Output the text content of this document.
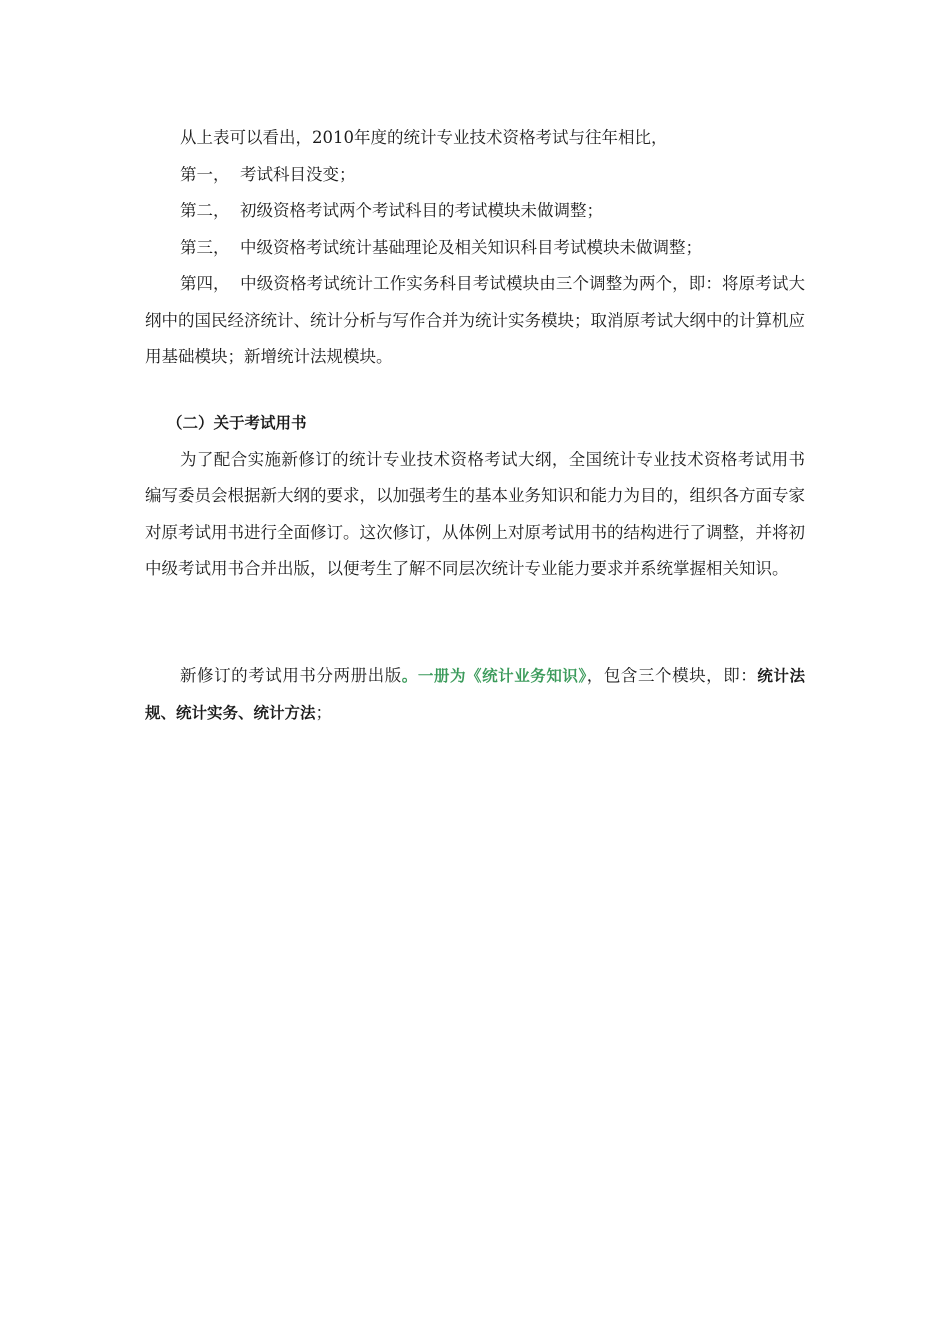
从上表可以看出，2010年度的统计专业技术资格考试与往年相比，

第一， 考试科目没变；

第二， 初级资格考试两个考试科目的考试模块未做调整；

第三， 中级资格考试统计基础理论及相关知识科目考试模块未做调整；

第四， 中级资格考试统计工作实务科目考试模块由三个调整为两个，即：将原考试大纲中的国民经济统计、统计分析与写作合并为统计实务模块；取消原考试大纲中的计算机应用基础模块；新增统计法规模块。

（二）关于考试用书

为了配合实施新修订的统计专业技术资格考试大纲，全国统计专业技术资格考试用书编写委员会根据新大纲的要求，以加强考生的基本业务知识和能力为目的，组织各方面专家对原考试用书进行全面修订。这次修订，从体例上对原考试用书的结构进行了调整，并将初中级考试用书合并出版，以便考生了解不同层次统计专业能力要求并系统掌握相关知识。

新修订的考试用书分两册出版。一册为《统计业务知识》，包含三个模块，即：统计法规、统计实务、统计方法；
